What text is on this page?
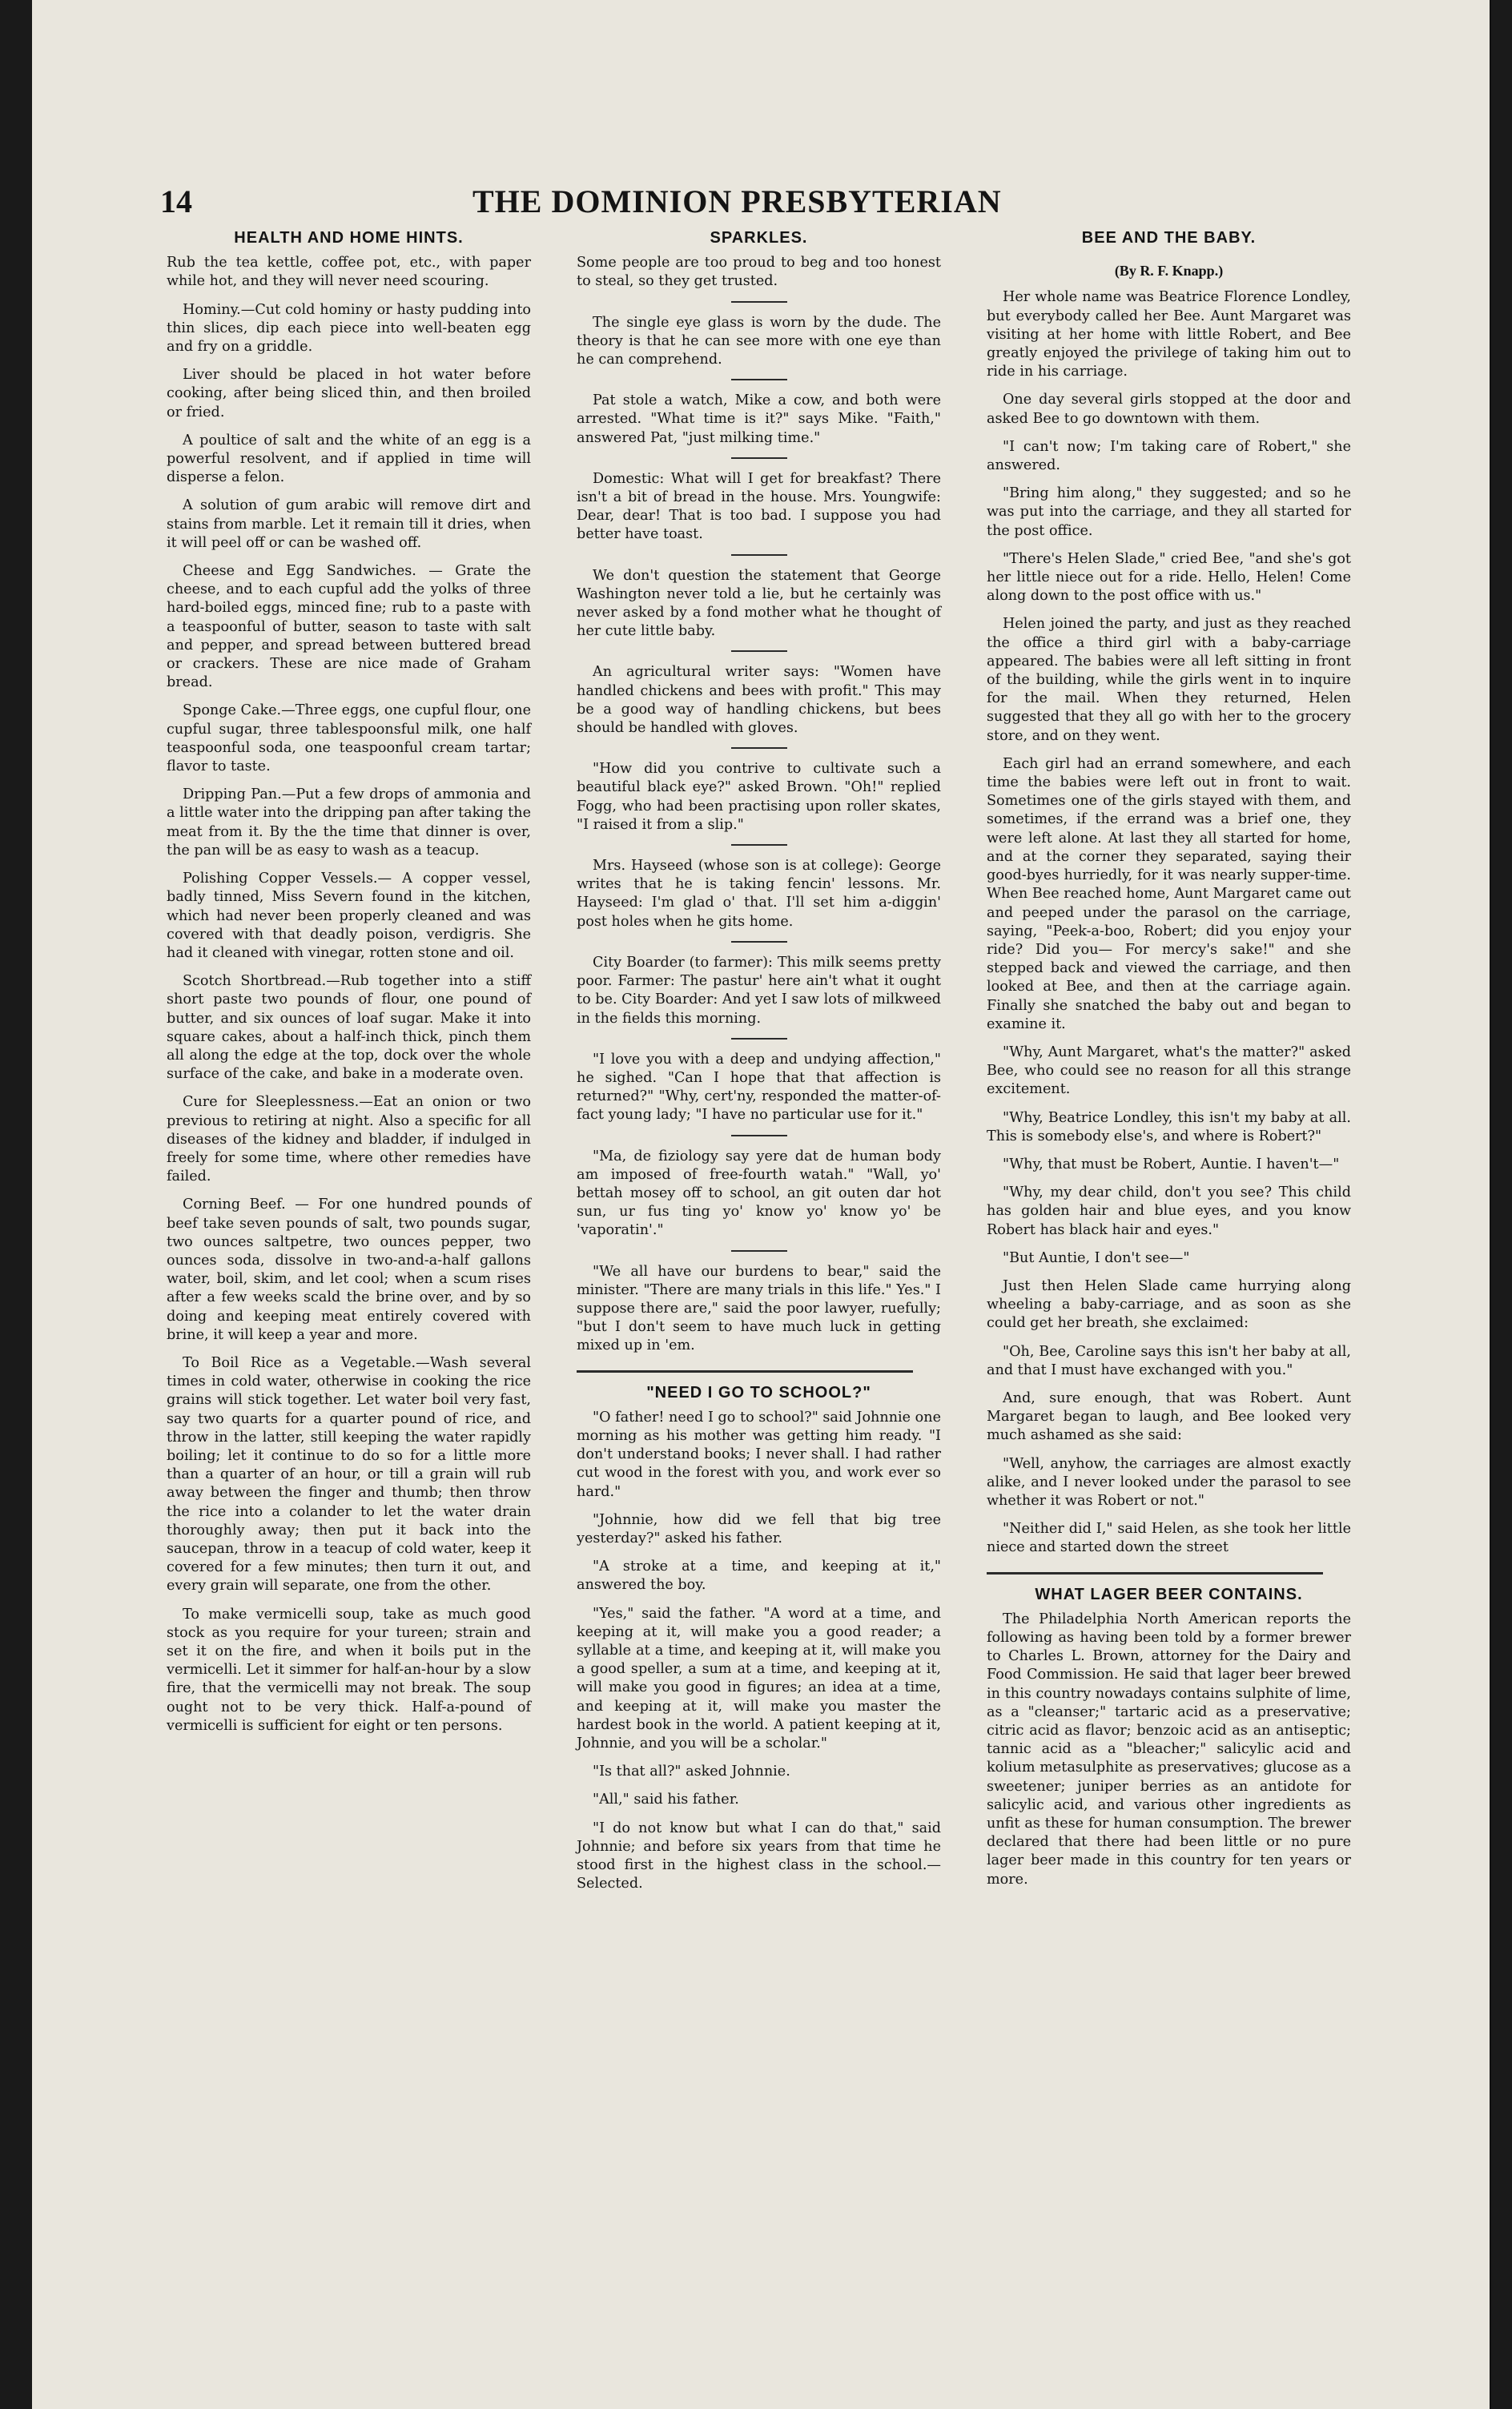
14	THE DOMINION PRESBYTERIAN
HEALTH AND HOME HINTS.

Rub the tea kettle, coffee pot, etc., with paper while hot, and they will never need scouring.

Hominy.—Cut cold hominy or hasty pudding into thin slices, dip each piece into well-beaten egg and fry on a griddle.

Liver should be placed in hot water before cooking, after being sliced thin, and then broiled or fried.

A poultice of salt and the white of an egg is a powerful resolvent, and if applied in time will disperse a felon.

A solution of gum arabic will remove dirt and stains from marble. Let it remain till it dries, when it will peel off or can be washed off.

Cheese and Egg Sandwiches. — Grate the cheese, and to each cupful add the yolks of three hard-boiled eggs, minced fine; rub to a paste with a teaspoonful of butter, season to taste with salt and pepper, and spread between buttered bread or crackers. These are nice made of Graham bread.

Sponge Cake.—Three eggs, one cupful flour, one cupful sugar, three tablespoonsful milk, one half teaspoonful soda, one teaspoonful cream tartar; flavor to taste.

Dripping Pan.—Put a few drops of ammonia and a little water into the dripping pan after taking the meat from it. By the the time that dinner is over, the pan will be as easy to wash as a teacup.

Polishing Copper Vessels.— A copper vessel, badly tinned, Miss Severn found in the kitchen, which had never been properly cleaned and was covered with that deadly poison, verdigris. She had it cleaned with vinegar, rotten stone and oil.

Scotch Shortbread.—Rub together into a stiff short paste two pounds of flour, one pound of butter, and six ounces of loaf sugar. Make it into square cakes, about a half-inch thick, pinch them all along the edge at the top, dock over the whole surface of the cake, and bake in a moderate oven.

Cure for Sleeplessness.—Eat an onion or two previous to retiring at night. Also a specific for all diseases of the kidney and bladder, if indulged in freely for some time, where other remedies have failed.

Corning Beef. — For one hundred pounds of beef take seven pounds of salt, two pounds sugar, two ounces saltpetre, two ounces pepper, two ounces soda, dissolve in two-and-a-half gallons water, boil, skim, and let cool; when a scum rises after a few weeks scald the brine over, and by so doing and keeping meat entirely covered with brine, it will keep a year and more.

To Boil Rice as a Vegetable.—Wash several times in cold water, otherwise in cooking the rice grains will stick together. Let water boil very fast, say two quarts for a quarter pound of rice, and throw in the latter, still keeping the water rapidly boiling; let it continue to do so for a little more than a quarter of an hour, or till a grain will rub away between the finger and thumb; then throw the rice into a colander to let the water drain thoroughly away; then put it back into the saucepan, throw in a teacup of cold water, keep it covered for a few minutes; then turn it out, and every grain will separate, one from the other.

To make vermicelli soup, take as much good stock as you require for your tureen; strain and set it on the fire, and when it boils put in the vermicelli. Let it simmer for half-an-hour by a slow fire, that the vermicelli may not break. The soup ought not to be very thick. Half-a-pound of vermicelli is sufficient for eight or ten persons.

SPARKLES.

Some people are too proud to beg and too honest to steal, so they get trusted.

The single eye glass is worn by the dude. The theory is that he can see more with one eye than he can comprehend.

Pat stole a watch, Mike a cow, and both were arrested. "What time is it?" says Mike. "Faith," answered Pat, "just milking time."

Domestic: What will I get for breakfast? There isn't a bit of bread in the house. Mrs. Youngwife: Dear, dear! That is too bad. I suppose you had better have toast.

We don't question the statement that George Washington never told a lie, but he certainly was never asked by a fond mother what he thought of her cute little baby.

An agricultural writer says: "Women have handled chickens and bees with profit." This may be a good way of handling chickens, but bees should be handled with gloves.

"How did you contrive to cultivate such a beautiful black eye?" asked Brown. "Oh!" replied Fogg, who had been practising upon roller skates, "I raised it from a slip."

Mrs. Hayseed (whose son is at college): George writes that he is taking fencin' lessons. Mr. Hayseed: I'm glad o' that. I'll set him a-diggin' post holes when he gits home.

City Boarder (to farmer): This milk seems pretty poor. Farmer: The pastur' here ain't what it ought to be. City Boarder: And yet I saw lots of milkweed in the fields this morning.

"I love you with a deep and undying affection," he sighed. "Can I hope that that affection is returned?" "Why, cert'ny, responded the matter-of-fact young lady; "I have no particular use for it."

"Ma, de fiziology say yere dat de human body am imposed of free-fourth watah." "Wall, yo' bettah mosey off to school, an git outen dar hot sun, ur fus ting yo' know yo' know yo' be 'vaporatin'."

"We all have our burdens to bear," said the minister. "There are many trials in this life." Yes." I suppose there are," said the poor lawyer, ruefully; "but I don't seem to have much luck in getting mixed up in 'em.

"NEED I GO TO SCHOOL?"

"O father! need I go to school?" said Johnnie one morning as his mother was getting him ready. "I don't understand books; I never shall. I had rather cut wood in the forest with you, and work ever so hard."

"Johnnie, how did we fell that big tree yesterday?" asked his father.

"A stroke at a time, and keeping at it," answered the boy.

"Yes," said the father. "A word at a time, and keeping at it, will make you a good reader; a syllable at a time, and keeping at it, will make you a good speller, a sum at a time, and keeping at it, will make you good in figures; an idea at a time, and keeping at it, will make you master the hardest book in the world. A patient keeping at it, Johnnie, and you will be a scholar."

"Is that all?" asked Johnnie.

"All," said his father.

"I do not know but what I can do that," said Johnnie; and before six years from that time he stood first in the highest class in the school.—Selected.

BEE AND THE BABY.
(By R. F. Knapp.)

Her whole name was Beatrice Florence Londley, but everybody called her Bee. Aunt Margaret was visiting at her home with little Robert, and Bee greatly enjoyed the privilege of taking him out to ride in his carriage.

One day several girls stopped at the door and asked Bee to go downtown with them.

"I can't now; I'm taking care of Robert," she answered.

"Bring him along," they suggested; and so he was put into the carriage, and they all started for the post office.

"There's Helen Slade," cried Bee, "and she's got her little niece out for a ride. Hello, Helen! Come along down to the post office with us."

Helen joined the party, and just as they reached the office a third girl with a baby-carriage appeared. The babies were all left sitting in front of the building, while the girls went in to inquire for the mail. When they returned, Helen suggested that they all go with her to the grocery store, and on they went.

Each girl had an errand somewhere, and each time the babies were left out in front to wait. Sometimes one of the girls stayed with them, and sometimes, if the errand was a brief one, they were left alone. At last they all started for home, and at the corner they separated, saying their good-byes hurriedly, for it was nearly supper-time. When Bee reached home, Aunt Margaret came out and peeped under the parasol on the carriage, saying, "Peek-a-boo, Robert; did you enjoy your ride? Did you— For mercy's sake!" and she stepped back and viewed the carriage, and then looked at Bee, and then at the carriage again. Finally she snatched the baby out and began to examine it.

"Why, Aunt Margaret, what's the matter?" asked Bee, who could see no reason for all this strange excitement.

"Why, Beatrice Londley, this isn't my baby at all. This is somebody else's, and where is Robert?"

"Why, that must be Robert, Auntie. I haven't—"

"Why, my dear child, don't you see? This child has golden hair and blue eyes, and you know Robert has black hair and eyes."

"But Auntie, I don't see—"

Just then Helen Slade came hurrying along wheeling a baby-carriage, and as soon as she could get her breath, she exclaimed:

"Oh, Bee, Caroline says this isn't her baby at all, and that I must have exchanged with you."

And, sure enough, that was Robert. Aunt Margaret began to laugh, and Bee looked very much ashamed as she said:

"Well, anyhow, the carriages are almost exactly alike, and I never looked under the parasol to see whether it was Robert or not."

"Neither did I," said Helen, as she took her little niece and started down the street

WHAT LAGER BEER CONTAINS.

The Philadelphia North American reports the following as having been told by a former brewer to Charles L. Brown, attorney for the Dairy and Food Commission. He said that lager beer brewed in this country nowadays contains sulphite of lime, as a "cleanser;" tartaric acid as a preservative; citric acid as flavor; benzoic acid as an antiseptic; tannic acid as a "bleacher;" salicylic acid and kolium metasulphite as preservatives; glucose as a sweetener; juniper berries as an antidote for salicylic acid, and various other ingredients as unfit as these for human consumption. The brewer declared that there had been little or no pure lager beer made in this country for ten years or more.
